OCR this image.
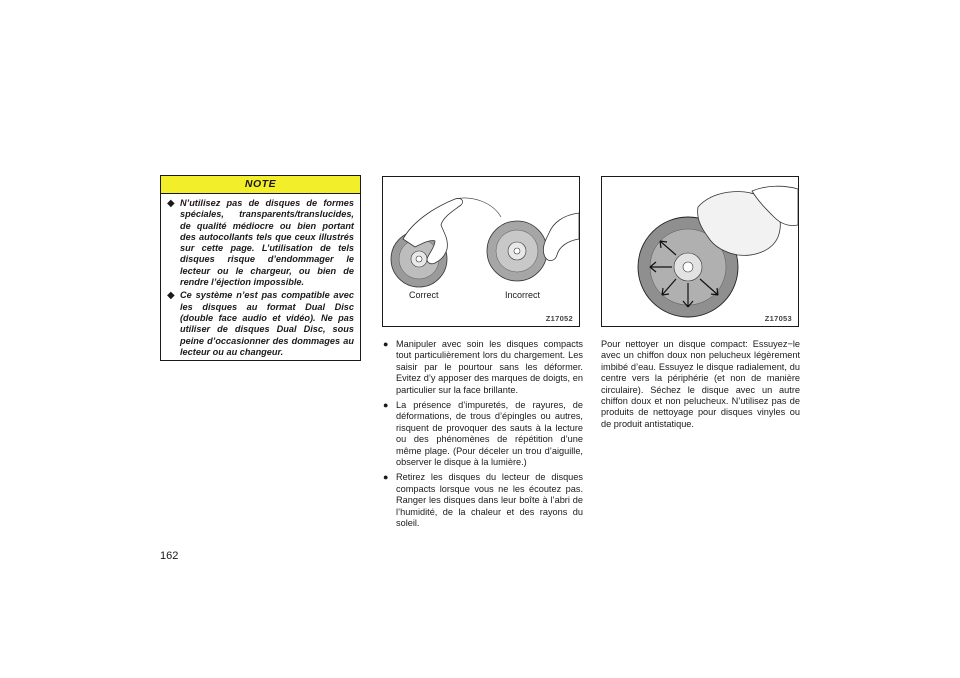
NOTE
◆ N’utilisez pas de disques de formes spéciales, transparents/translucides, de qualité médiocre ou bien portant des autocollants tels que ceux illustrés sur cette page. L’utilisation de tels disques risque d’endommager le lecteur ou le chargeur, ou bien de rendre l’éjection impossible.
◆ Ce système n’est pas compatible avec les disques au format Dual Disc (double face audio et vidéo). Ne pas utiliser de disques Dual Disc, sous peine d’occasionner des dommages au lecteur ou au changeur.
Correct	Incorrect
Z17052	Z17053
● Manipuler avec soin les disques compacts tout particulièrement lors du chargement. Les saisir par le pourtour sans les déformer. Evitez d’y apposer des marques de doigts, en particulier sur la face brillante.
● La présence d’impuretés, de rayures, de déformations, de trous d’épingles ou autres, risquent de provoquer des sauts à la lecture ou des phénomènes de répétition d’une même plage. (Pour déceler un trou d’aiguille, observer le disque à la lumière.)
● Retirez les disques du lecteur de disques compacts lorsque vous ne les écoutez pas. Ranger les disques dans leur boîte à l’abri de l’humidité, de la chaleur et des rayons du soleil.
Pour nettoyer un disque compact: Essuyez−le avec un chiffon doux non pelucheux légèrement imbibé d’eau. Essuyez le disque radialement, du centre vers la périphérie (et non de manière circulaire). Séchez le disque avec un autre chiffon doux et non pelucheux. N’utilisez pas de produits de nettoyage pour disques vinyles ou de produit antistatique.
162
